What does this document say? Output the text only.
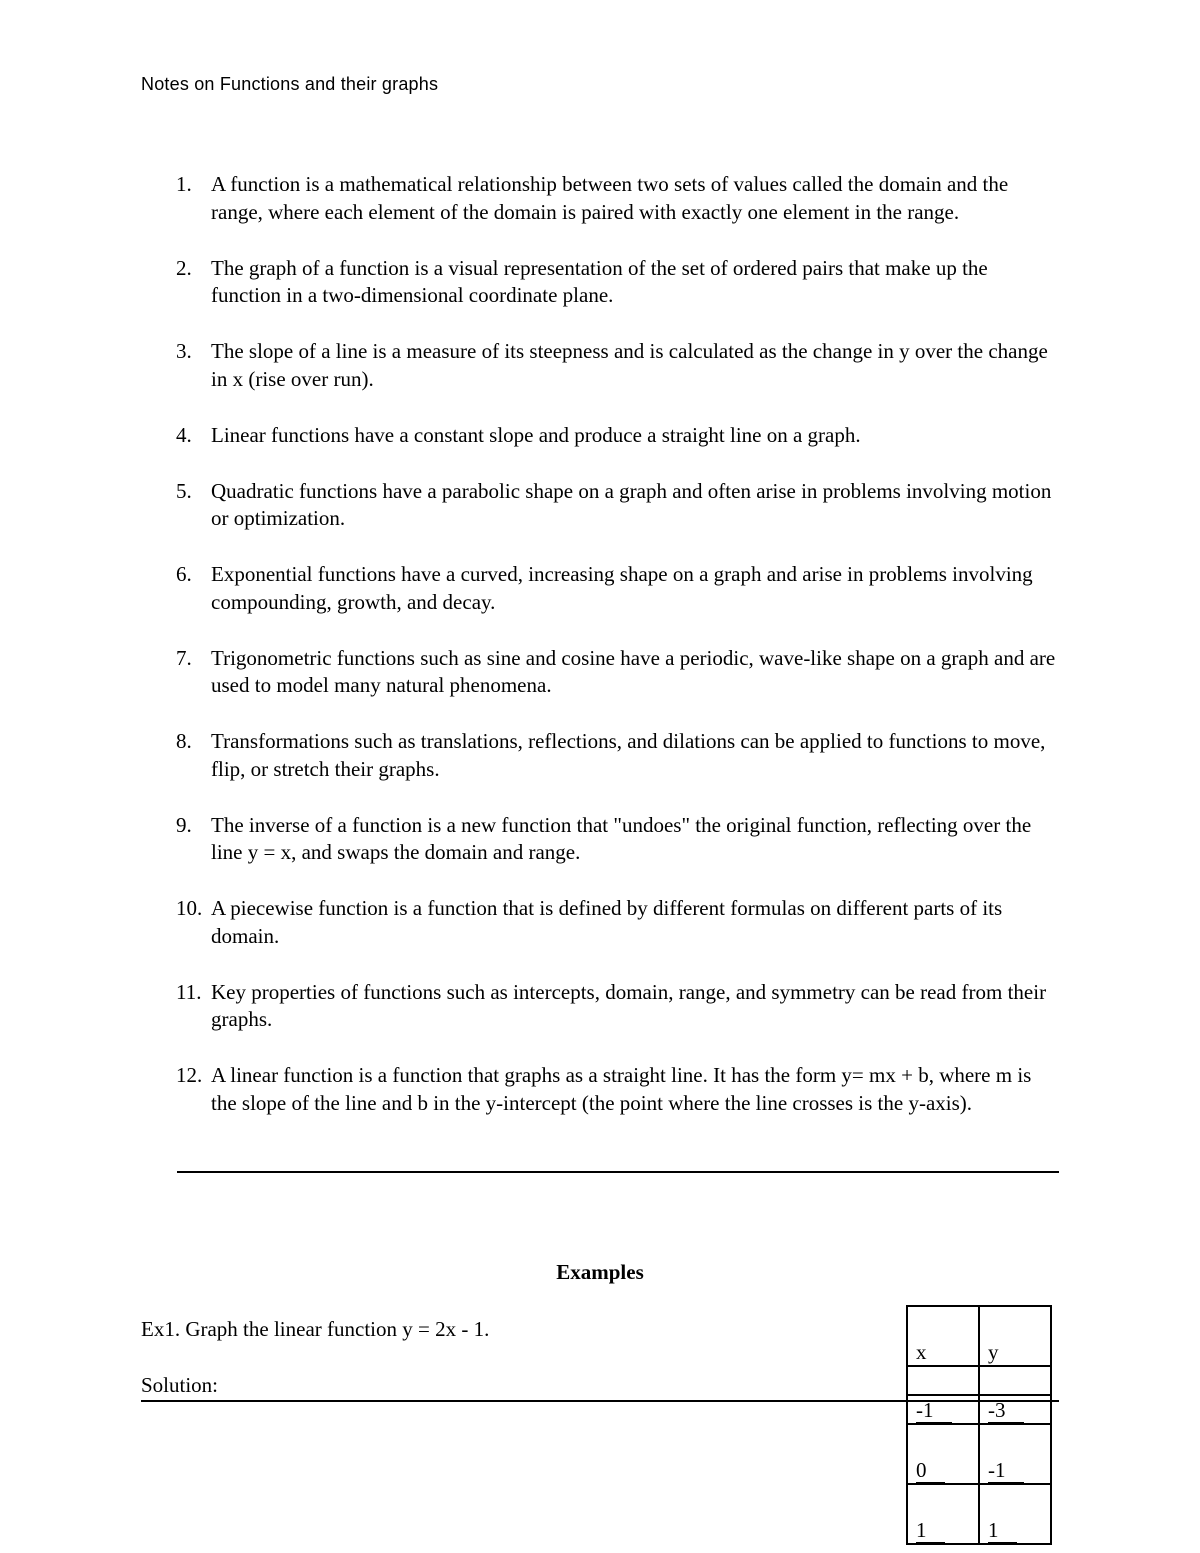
Notes on Functions and their graphs
1. A function is a mathematical relationship between two sets of values called the domain and the range, where each element of the domain is paired with exactly one element in the range.
2. The graph of a function is a visual representation of the set of ordered pairs that make up the function in a two-dimensional coordinate plane.
3. The slope of a line is a measure of its steepness and is calculated as the change in y over the change in x (rise over run).
4. Linear functions have a constant slope and produce a straight line on a graph.
5. Quadratic functions have a parabolic shape on a graph and often arise in problems involving motion or optimization.
6. Exponential functions have a curved, increasing shape on a graph and arise in problems involving compounding, growth, and decay.
7. Trigonometric functions such as sine and cosine have a periodic, wave-like shape on a graph and are used to model many natural phenomena.
8. Transformations such as translations, reflections, and dilations can be applied to functions to move, flip, or stretch their graphs.
9. The inverse of a function is a new function that "undoes" the original function, reflecting over the line y = x, and swaps the domain and range.
10. A piecewise function is a function that is defined by different formulas on different parts of its domain.
11. Key properties of functions such as intercepts, domain, range, and symmetry can be read from their graphs.
12. A linear function is a function that graphs as a straight line. It has the form y= mx + b, where m is the slope of the line and b in the y-intercept (the point where the line crosses is the y-axis).
Examples
Ex1. Graph the linear function y = 2x - 1.
Solution:
x	y

-1	-3
0	-1
1	1
